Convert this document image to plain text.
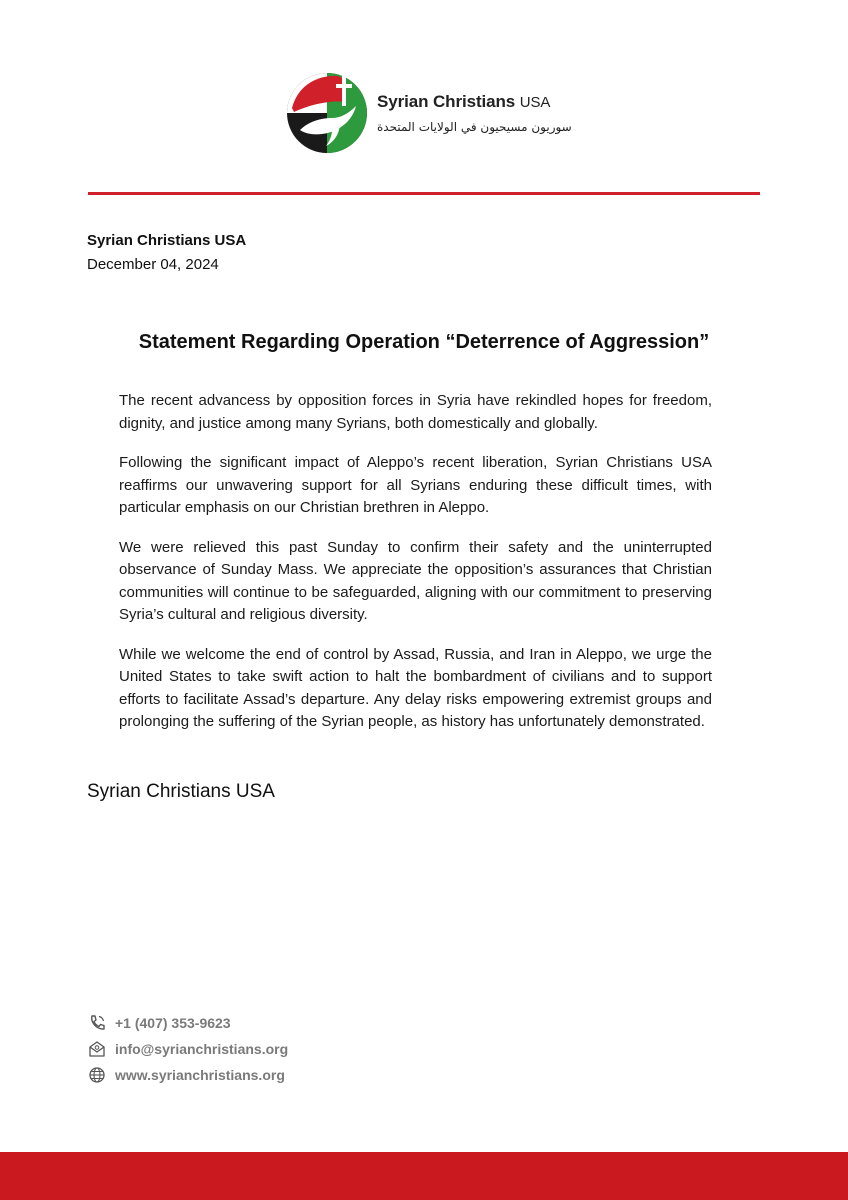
Syrian Christians USA
سوريون مسيحيون في الولايات المتحدة
Syrian Christians USA
December 04, 2024
Statement Regarding Operation “Deterrence of Aggression”

The recent advancess by opposition forces in Syria have rekindled hopes for freedom, dignity, and justice among many Syrians, both domestically and globally.

Following the significant impact of Aleppo’s recent liberation, Syrian Christians USA reaffirms our unwavering support for all Syrians enduring these difficult times, with particular emphasis on our Christian brethren in Aleppo.

We were relieved this past Sunday to confirm their safety and the uninterrupted observance of Sunday Mass. We appreciate the opposition’s assurances that Christian communities will continue to be safeguarded, aligning with our commitment to preserving Syria’s cultural and religious diversity.

While we welcome the end of control by Assad, Russia, and Iran in Aleppo, we urge the United States to take swift action to halt the bombardment of civilians and to support efforts to facilitate Assad’s departure. Any delay risks empowering extremist groups and prolonging the suffering of the Syrian people, as history has unfortunately demonstrated.

Syrian Christians USA
+1 (407) 353-9623
info@syrianchristians.org
www.syrianchristians.org
